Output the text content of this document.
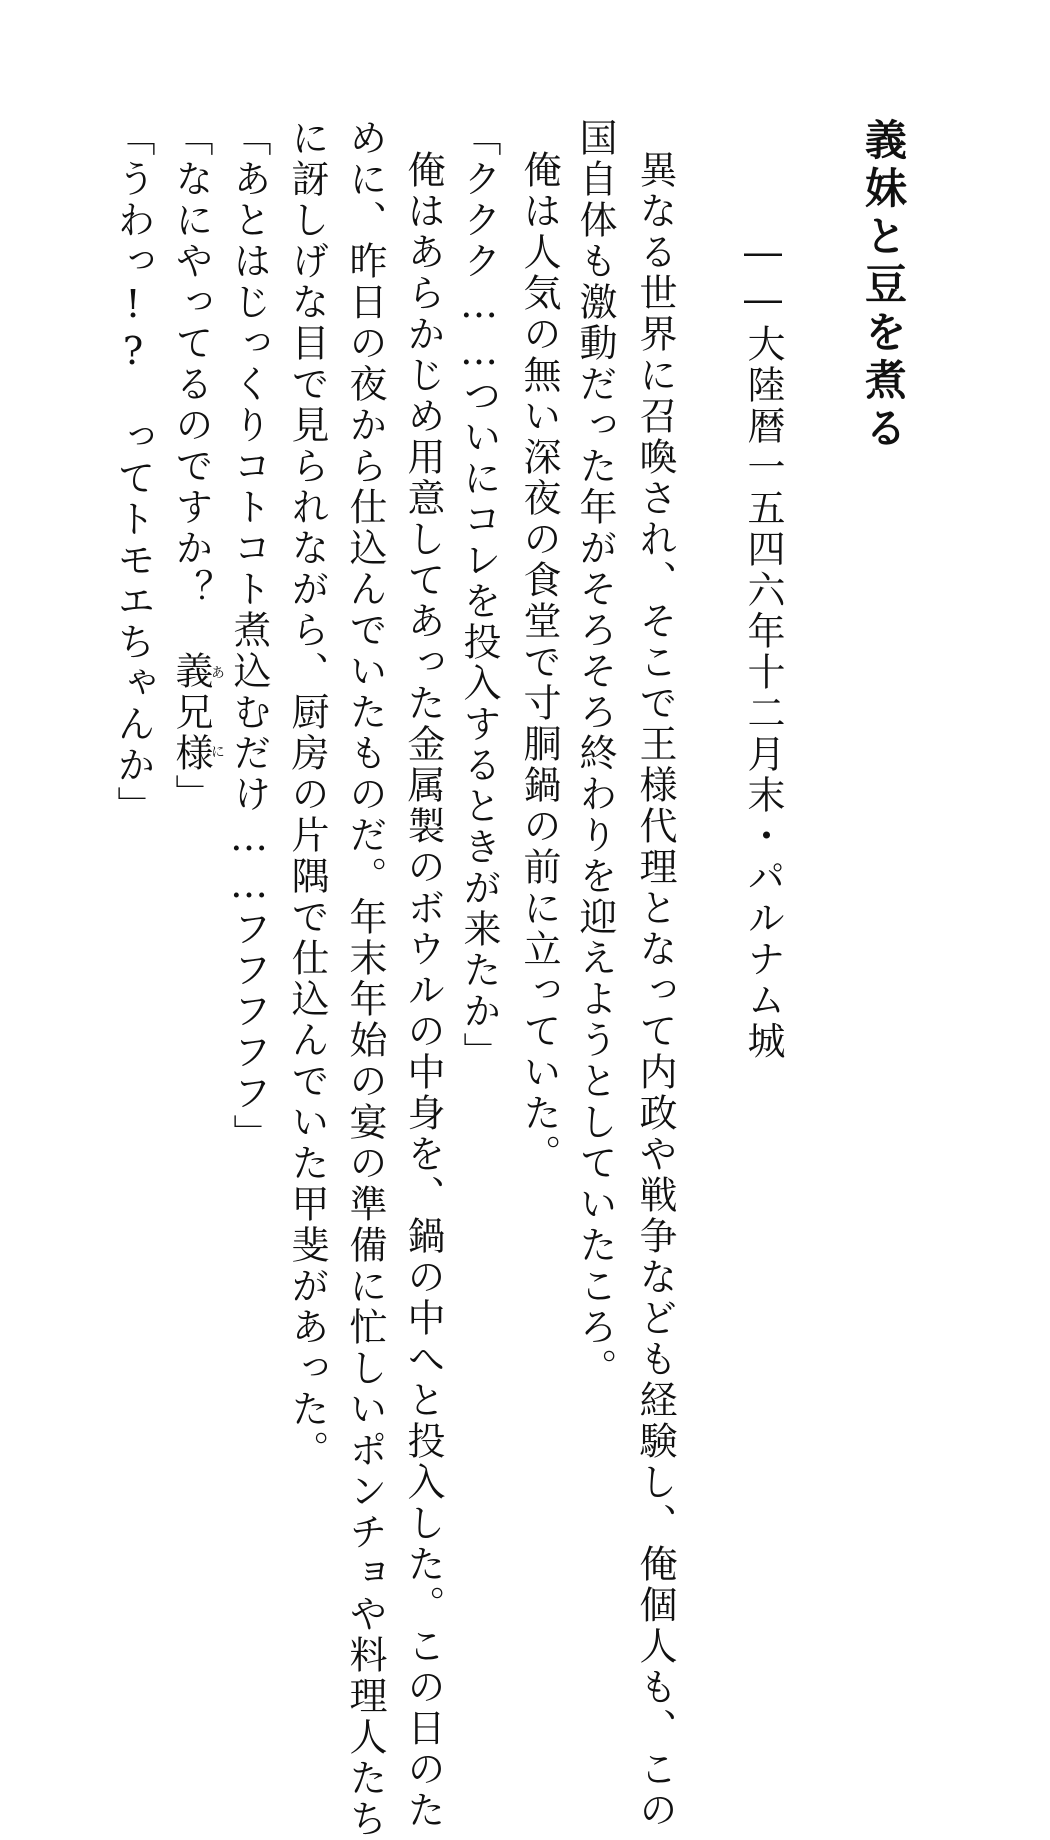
義妹と豆を煮る
――大陸暦一五四六年十二月末・パルナム城
異なる世界に召喚され、そこで王様代理となって内政や戦争なども経験し、俺個人も、この
国自体も激動だった年がそろそろ終わりを迎えようとしていたころ。
俺は人気の無い深夜の食堂で寸胴鍋の前に立っていた。
「ククク……ついにコレを投入するときが来たか」
俺はあらかじめ用意してあった金属製のボウルの中身を、鍋の中へと投入した。この日のた
めに、昨日の夜から仕込んでいたものだ。年末年始の宴の準備に忙しいポンチョや料理人たち
に訝しげな目で見られながら、厨房の片隅で仕込んでいた甲斐があった。
「あとはじっくりコトコト煮込むだけ……フフフフフ」
「なにやってるのですか？　義兄様あに」
「うわっ!?　ってトモエちゃんか」
